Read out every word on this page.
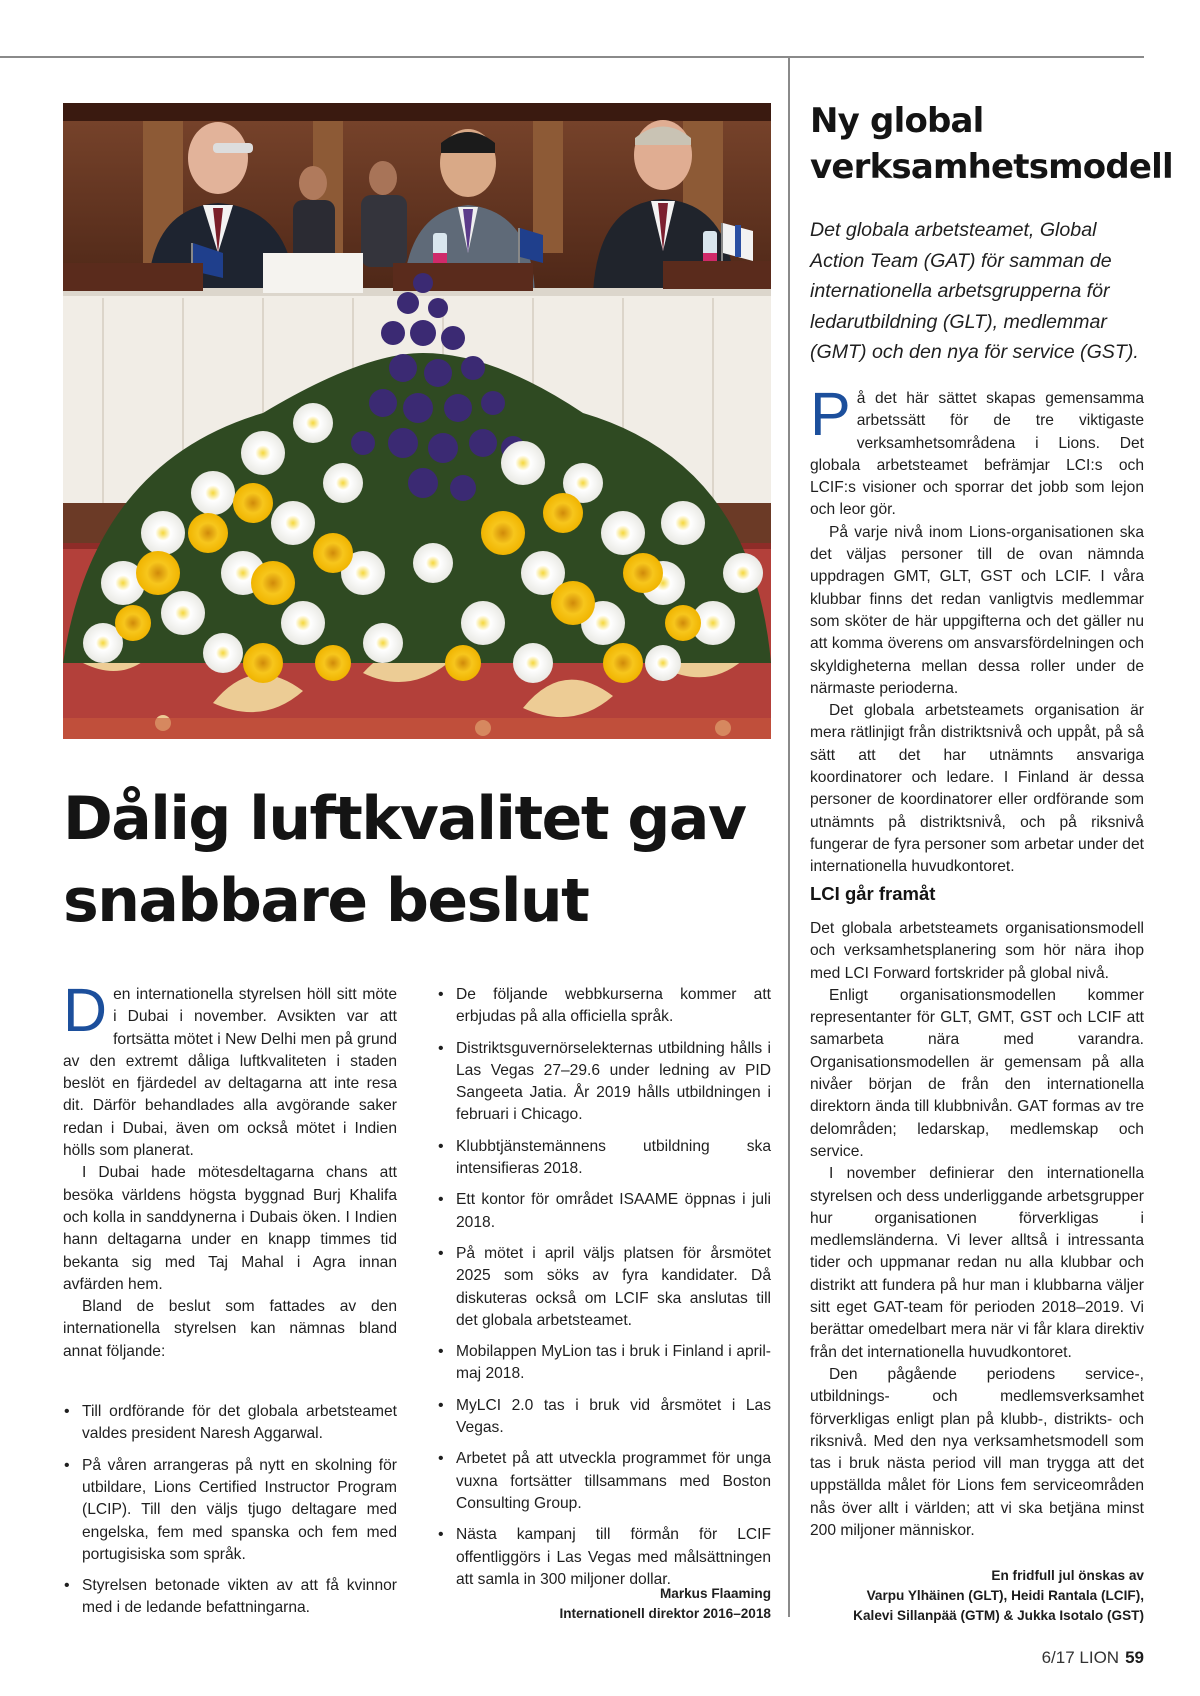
Dålig luftkvalitet gav
snabbare beslut

Den internationella styrelsen höll sitt möte i Dubai i november. Avsikten var att fortsätta mötet i New Delhi men på grund av den extremt dåliga luftkvaliteten i staden beslöt en fjärdedel av deltagarna att inte resa dit. Därför behandlades alla avgörande saker redan i Dubai, även om också mötet i Indien hölls som planerat.

I Dubai hade mötesdeltagarna chans att besöka världens högsta byggnad Burj Khalifa och kolla in sanddynerna i Dubais öken. I Indien hann deltagarna under en knapp timmes tid bekanta sig med Taj Mahal i Agra innan avfärden hem.

Bland de beslut som fattades av den internationella styrelsen kan nämnas bland annat följande:

• Till ordförande för det globala arbetsteamet valdes president Naresh Aggarwal.
• På våren arrangeras på nytt en skolning för utbildare, Lions Certified Instructor Program (LCIP). Till den väljs tjugo deltagare med engelska, fem med spanska och fem med portugisiska som språk.
• Styrelsen betonade vikten av att få kvinnor med i de ledande befattningarna.
• De följande webbkurserna kommer att erbjudas på alla officiella språk.
• Distriktsguvernörselekternas utbildning hålls i Las Vegas 27–29.6 under ledning av PID Sangeeta Jatia. År 2019 hålls utbildningen i februari i Chicago.
• Klubbtjänstemännens utbildning ska intensifieras 2018.
• Ett kontor för området ISAAME öppnas i juli 2018.
• På mötet i april väljs platsen för årsmötet 2025 som söks av fyra kandidater. Då diskuteras också om LCIF ska anslutas till det globala arbetsteamet.
• Mobilappen MyLion tas i bruk i Finland i april-maj 2018.
• MyLCI 2.0 tas i bruk vid årsmötet i Las Vegas.
• Arbetet på att utveckla programmet för unga vuxna fortsätter tillsammans med Boston Consulting Group.
• Nästa kampanj till förmån för LCIF offentliggörs i Las Vegas med målsättningen att samla in 300 miljoner dollar.
Markus Flaaming
Internationell direktor 2016–2018
Ny global
verksamhetsmodell

Det globala arbetsteamet, Global Action Team (GAT) för samman de internationella arbetsgrupperna för ledarutbildning (GLT), medlemmar (GMT) och den nya för service (GST).

På det här sättet skapas gemensamma arbetssätt för de tre viktigaste verksamhetsområdena i Lions. Det globala arbetsteamet befrämjar LCI:s och LCIF:s visioner och sporrar det jobb som lejon och leor gör.

På varje nivå inom Lions-organisationen ska det väljas personer till de ovan nämnda uppdragen GMT, GLT, GST och LCIF. I våra klubbar finns det redan vanligtvis medlemmar som sköter de här uppgifterna och det gäller nu att komma överens om ansvarsfördelningen och skyldigheterna mellan dessa roller under de närmaste perioderna.

Det globala arbetsteamets organisation är mera rätlinjigt från distriktsnivå och uppåt, på så sätt att det har utnämnts ansvariga koordinatorer och ledare. I Finland är dessa personer de koordinatorer eller ordförande som utnämnts på distriktsnivå, och på riksnivå fungerar de fyra personer som arbetar under det internationella huvudkontoret.

LCI går framåt

Det globala arbetsteamets organisationsmodell och verksamhetsplanering som hör nära ihop med LCI Forward fortskrider på global nivå.

Enligt organisationsmodellen kommer representanter för GLT, GMT, GST och LCIF att samarbeta nära med varandra. Organisationsmodellen är gemensam på alla nivåer början de från den internationella direktorn ända till klubbnivån. GAT formas av tre delområden; ledarskap, medlemskap och service.

I november definierar den internationella styrelsen och dess underliggande arbetsgrupper hur organisationen förverkligas i medlemsländerna. Vi lever alltså i intressanta tider och uppmanar redan nu alla klubbar och distrikt att fundera på hur man i klubbarna väljer sitt eget GAT-team för perioden 2018–2019. Vi berättar omedelbart mera när vi får klara direktiv från det internationella huvudkontoret.

Den pågående periodens service-, utbildnings- och medlemsverksamhet förverkligas enligt plan på klubb-, distrikts- och riksnivå. Med den nya verksamhetsmodell som tas i bruk nästa period vill man trygga att det uppställda målet för Lions fem serviceområden nås över allt i världen; att vi ska betjäna minst 200 miljoner människor.

En fridfull jul önskas av
Varpu Ylhäinen (GLT), Heidi Rantala (LCIF),
Kalevi Sillanpää (GTM) & Jukka Isotalo (GST)
6/17 LION 59
